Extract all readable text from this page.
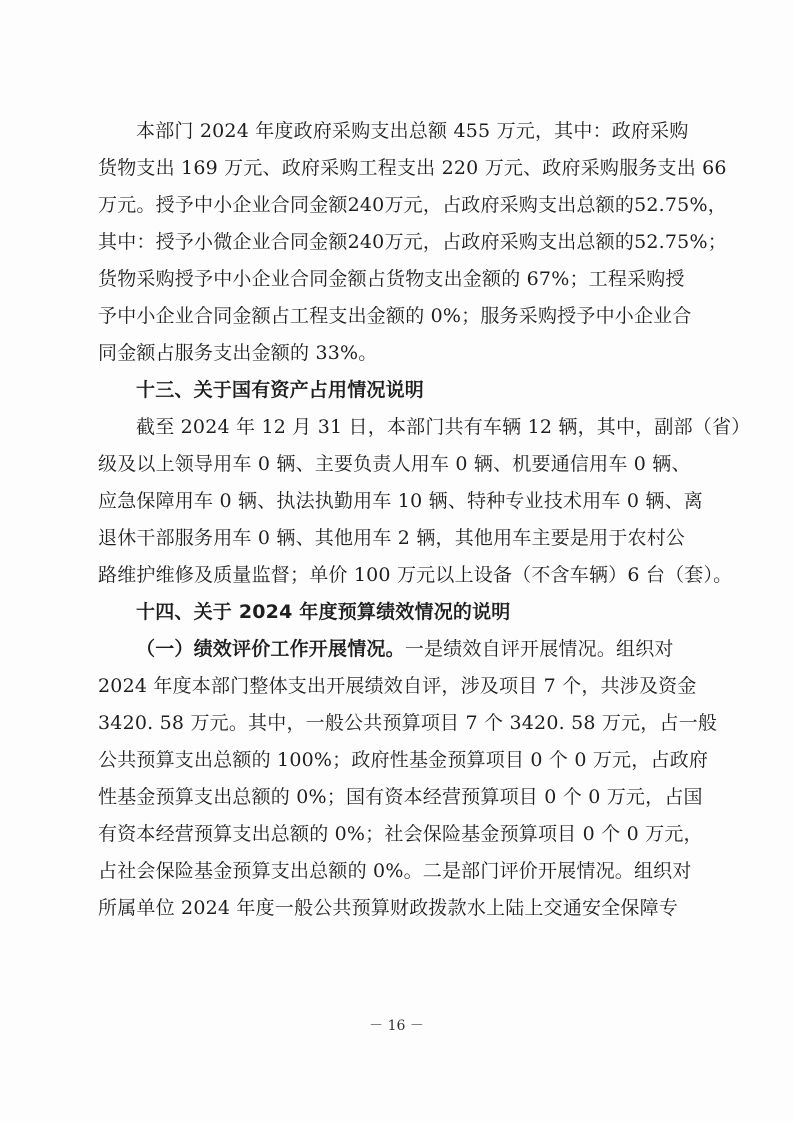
本部门 2024 年度政府采购支出总额 455 万元，其中：政府采购
货物支出 169 万元、政府采购工程支出 220 万元、政府采购服务支出 66
万元。授予中小企业合同金额240万元，占政府采购支出总额的52.75%，
其中：授予小微企业合同金额240万元，占政府采购支出总额的52.75%；
货物采购授予中小企业合同金额占货物支出金额的 67%；工程采购授
予中小企业合同金额占工程支出金额的 0%；服务采购授予中小企业合
同金额占服务支出金额的 33%。
十三、关于国有资产占用情况说明
截至 2024 年 12 月 31 日，本部门共有车辆 12 辆，其中，副部（省）
级及以上领导用车 0 辆、主要负责人用车 0 辆、机要通信用车 0 辆、
应急保障用车 0 辆、执法执勤用车 10 辆、特种专业技术用车 0 辆、离
退休干部服务用车 0 辆、其他用车 2 辆，其他用车主要是用于农村公
路维护维修及质量监督；单价 100 万元以上设备（不含车辆）6 台（套）。
十四、关于 2024 年度预算绩效情况的说明
（一）绩效评价工作开展情况。一是绩效自评开展情况。组织对
2024 年度本部门整体支出开展绩效自评，涉及项目 7 个，共涉及资金
3420. 58 万元。其中，一般公共预算项目 7 个 3420. 58 万元，占一般
公共预算支出总额的 100%；政府性基金预算项目 0 个 0 万元，占政府
性基金预算支出总额的 0%；国有资本经营预算项目 0 个 0 万元，占国
有资本经营预算支出总额的 0%；社会保险基金预算项目 0 个 0 万元，
占社会保险基金预算支出总额的 0%。二是部门评价开展情况。组织对
所属单位 2024 年度一般公共预算财政拨款水上陆上交通安全保障专
－ 16 －
